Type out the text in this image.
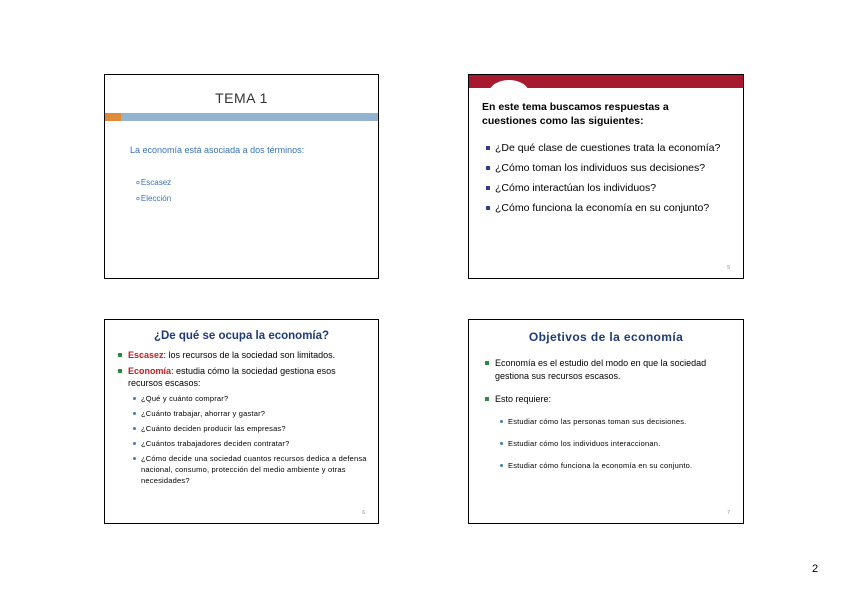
TEMA 1
La economía está asociada a dos términos:
¤Escasez
¤Elección
En este tema buscamos respuestas a
cuestiones como las siguientes:
¿De qué clase de cuestiones trata la economía?
¿Cómo toman los individuos sus decisiones?
¿Cómo interactúan los individuos?
¿Cómo funciona la economía en su conjunto?
5
¿De qué se ocupa la economía?
Escasez: los recursos de la sociedad son limitados.
Economía: estudia cómo la sociedad gestiona esos recursos escasos:
¿Qué y cuánto comprar?
¿Cuánto trabajar, ahorrar y gastar?
¿Cuánto deciden producir las empresas?
¿Cuántos trabajadores deciden contratar?
¿Cómo decide una sociedad cuantos recursos dedica a defensa nacional, consumo, protección del medio ambiente y otras necesidades?
6
Objetivos de la economía
Economía es el estudio del modo en que la sociedad gestiona sus recursos escasos.
Esto requiere:
Estudiar cómo las personas toman sus decisiones.
Estudiar cómo los individuos interaccionan.
Estudiar cómo funciona la economía en su conjunto.
7
2
